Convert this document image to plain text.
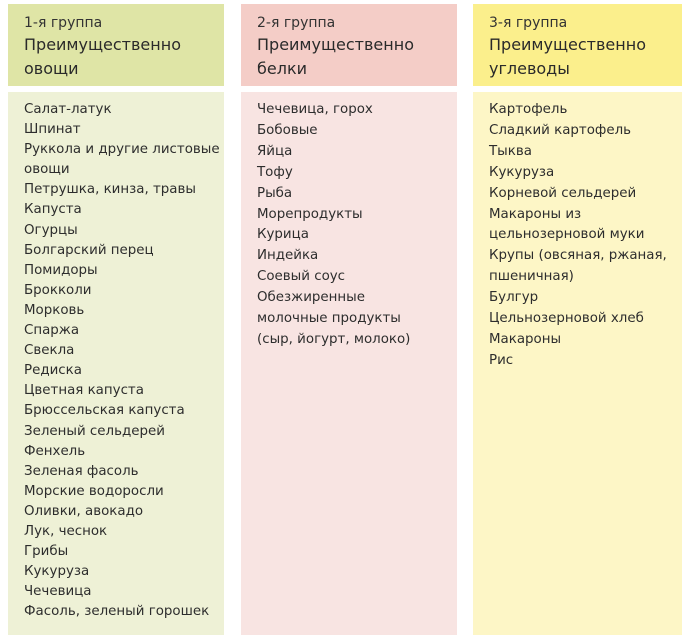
1-я группа
Преимущественно
овощи
Салат-латук
Шпинат
Руккола и другие листовые
овощи
Петрушка, кинза, травы
Капуста
Огурцы
Болгарский перец
Помидоры
Брокколи
Морковь
Спаржа
Свекла
Редиска
Цветная капуста
Брюссельская капуста
Зеленый сельдерей
Фенхель
Зеленая фасоль
Морские водоросли
Оливки, авокадо
Лук, чеснок
Грибы
Кукуруза
Чечевица
Фасоль, зеленый горошек
2-я группа
Преимущественно
белки
Чечевица, горох
Бобовые
Яйца
Тофу
Рыба
Морепродукты
Курица
Индейка
Соевый соус
Обезжиренные
молочные продукты
(сыр, йогурт, молоко)
3-я группа
Преимущественно
углеводы
Картофель
Сладкий картофель
Тыква
Кукуруза
Корневой сельдерей
Макароны из
цельнозерновой муки
Крупы (овсяная, ржаная,
пшеничная)
Булгур
Цельнозерновой хлеб
Макароны
Рис
